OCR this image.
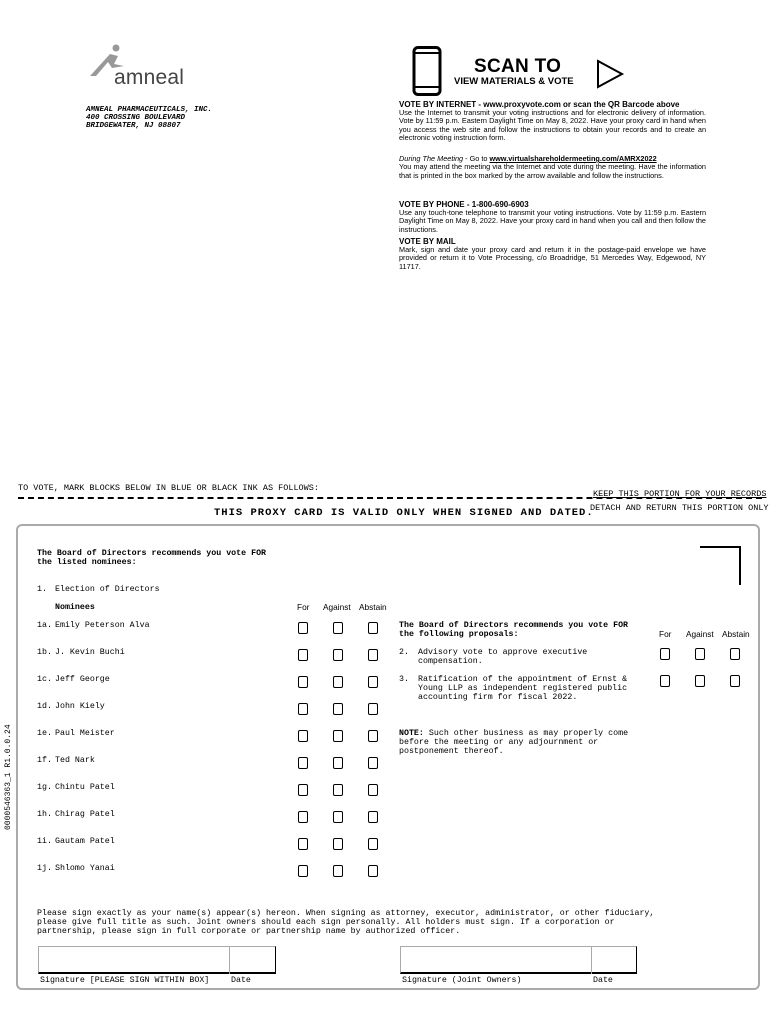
amneal
AMNEAL PHARMACEUTICALS, INC.
400 CROSSING BOULEVARD
BRIDGEWATER, NJ 08807
SCAN TO
VIEW MATERIALS & VOTE
VOTE BY INTERNET - www.proxyvote.com or scan the QR Barcode above
Use the Internet to transmit your voting instructions and for electronic delivery of information. Vote by 11:59 p.m. Eastern Daylight Time on May 8, 2022. Have your proxy card in hand when you access the web site and follow the instructions to obtain your records and to create an electronic voting instruction form.
During The Meeting - Go to www.virtualshareholdermeeting.com/AMRX2022
You may attend the meeting via the Internet and vote during the meeting. Have the information that is printed in the box marked by the arrow available and follow the instructions.
VOTE BY PHONE - 1-800-690-6903
Use any touch-tone telephone to transmit your voting instructions. Vote by 11:59 p.m. Eastern Daylight Time on May 8, 2022. Have your proxy card in hand when you call and then follow the instructions.
VOTE BY MAIL
Mark, sign and date your proxy card and return it in the postage-paid envelope we have provided or return it to Vote Processing, c/o Broadridge, 51 Mercedes Way, Edgewood, NY 11717.
TO VOTE, MARK BLOCKS BELOW IN BLUE OR BLACK INK AS FOLLOWS:
KEEP THIS PORTION FOR YOUR RECORDS
THIS PROXY CARD IS VALID ONLY WHEN SIGNED AND DATED.
DETACH AND RETURN THIS PORTION ONLY
The Board of Directors recommends you vote FOR
the listed nominees:
1. Election of Directors
Nominees	For Against Abstain
1a. Emily Peterson Alva
1b. J. Kevin Buchi
1c. Jeff George
1d. John Kiely
1e. Paul Meister
1f. Ted Nark
1g. Chintu Patel
1h. Chirag Patel
1i. Gautam Patel
1j. Shlomo Yanai
The Board of Directors recommends you vote FOR
the following proposals:	For Against Abstain
2. Advisory vote to approve executive
compensation.
3. Ratification of the appointment of Ernst &
Young LLP as independent registered public
accounting firm for fiscal 2022.
NOTE: Such other business as may properly come
before the meeting or any adjournment or
postponement thereof.
Please sign exactly as your name(s) appear(s) hereon. When signing as attorney, executor, administrator, or other fiduciary,
please give full title as such. Joint owners should each sign personally. All holders must sign. If a corporation or
partnership, please sign in full corporate or partnership name by authorized officer.
Signature [PLEASE SIGN WITHIN BOX]	Date	Signature (Joint Owners)	Date
0000546363_1 R1.0.0.24
